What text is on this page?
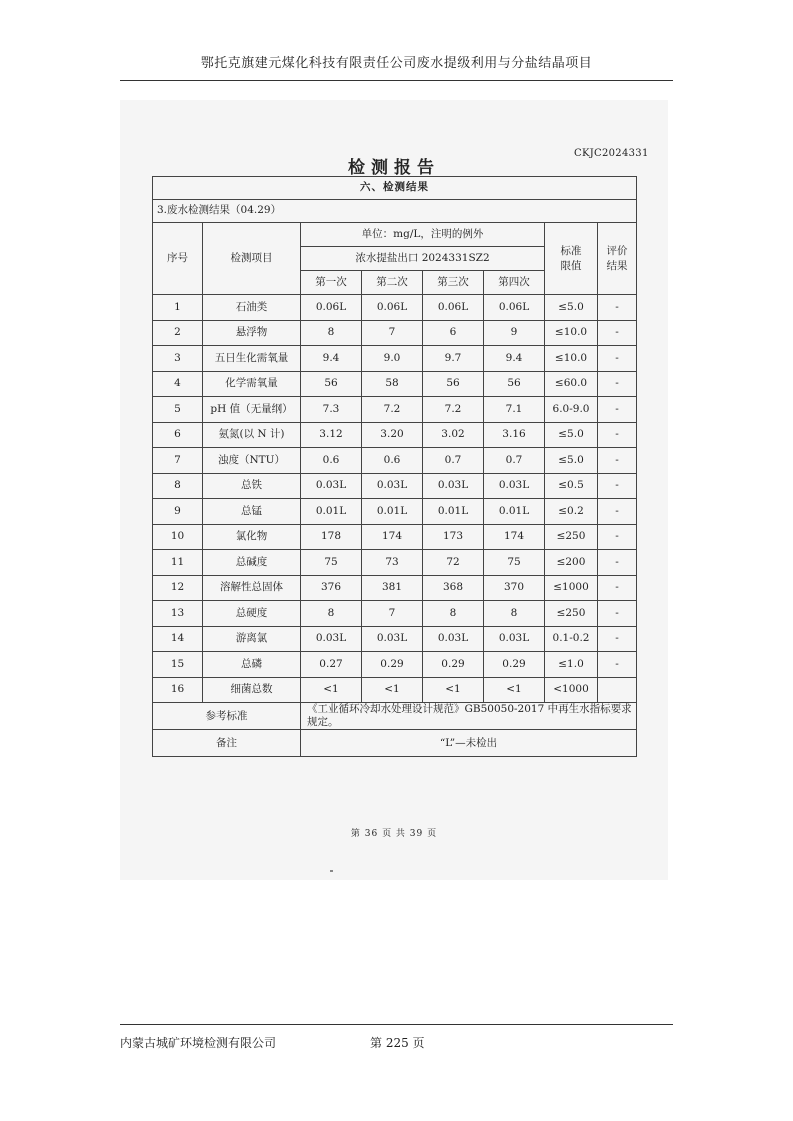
鄂托克旗建元煤化科技有限责任公司废水提级利用与分盐结晶项目
CKJC2024331
检测报告
六、检测结果							
3.废水检测结果（04.29）							
序号	检测项目	单位：mg/L，注明的例外				标准限值	评价结果
		浓水提盐出口 2024331SZ2					
		第一次	第二次	第三次	第四次		
1	石油类	0.06L	0.06L	0.06L	0.06L	≤5.0	-
2	悬浮物	8	7	6	9	≤10.0	-
3	五日生化需氧量	9.4	9.0	9.7	9.4	≤10.0	-
4	化学需氧量	56	58	56	56	≤60.0	-
5	pH 值（无量纲）	7.3	7.2	7.2	7.1	6.0-9.0	-
6	氨氮(以 N 计)	3.12	3.20	3.02	3.16	≤5.0	-
7	浊度（NTU）	0.6	0.6	0.7	0.7	≤5.0	-
8	总铁	0.03L	0.03L	0.03L	0.03L	≤0.5	-
9	总锰	0.01L	0.01L	0.01L	0.01L	≤0.2	-
10	氯化物	178	174	173	174	≤250	-
11	总碱度	75	73	72	75	≤200	-
12	溶解性总固体	376	381	368	370	≤1000	-
13	总硬度	8	7	8	8	≤250	-
14	游离氯	0.03L	0.03L	0.03L	0.03L	0.1-0.2	-
15	总磷	0.27	0.29	0.29	0.29	≤1.0	-
16	细菌总数	<1	<1	<1	<1	<1000	
参考标准		《工业循环冷却水处理设计规范》GB50050-2017 中再生水指标要求规定。					
备注		“L”—未检出					
第 36 页 共 39 页
内蒙古城矿环境检测有限公司	第 225 页
